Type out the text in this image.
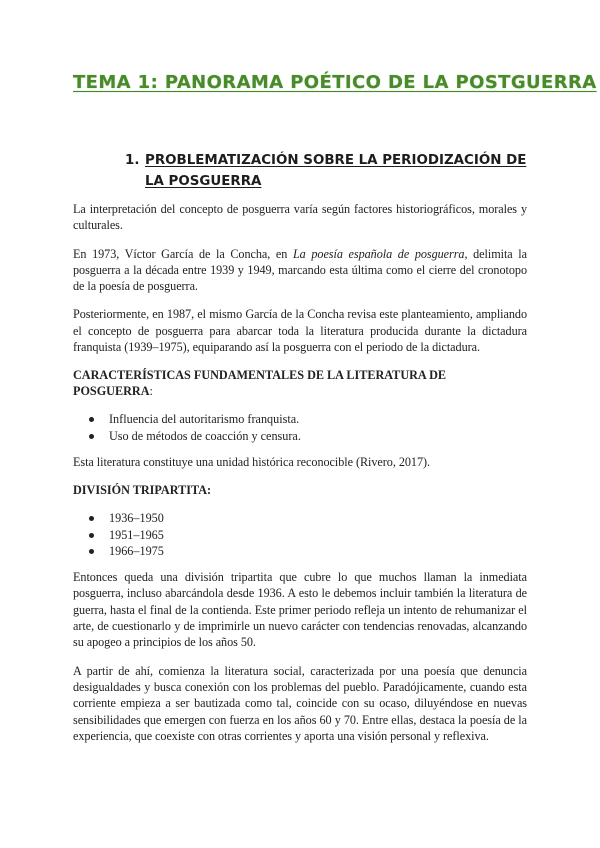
TEMA 1: PANORAMA POÉTICO DE LA POSTGUERRA
1. PROBLEMATIZACIÓN SOBRE LA PERIODIZACIÓN DE LA POSGUERRA

La interpretación del concepto de posguerra varía según factores historiográficos, morales y culturales.

En 1973, Víctor García de la Concha, en La poesía española de posguerra, delimita la posguerra a la década entre 1939 y 1949, marcando esta última como el cierre del cronotopo de la poesía de posguerra.

Posteriormente, en 1987, el mismo García de la Concha revisa este planteamiento, ampliando el concepto de posguerra para abarcar toda la literatura producida durante la dictadura franquista (1939–1975), equiparando así la posguerra con el periodo de la dictadura.

CARACTERÍSTICAS FUNDAMENTALES DE LA LITERATURA DE POSGUERRA:
Influencia del autoritarismo franquista.
Uso de métodos de coacción y censura.

Esta literatura constituye una unidad histórica reconocible (Rivero, 2017).

DIVISIÓN TRIPARTITA:
1936–1950
1951–1965
1966–1975

Entonces queda una división tripartita que cubre lo que muchos llaman la inmediata posguerra, incluso abarcándola desde 1936. A esto le debemos incluir también la literatura de guerra, hasta el final de la contienda. Este primer periodo refleja un intento de rehumanizar el arte, de cuestionarlo y de imprimirle un nuevo carácter con tendencias renovadas, alcanzando su apogeo a principios de los años 50.

A partir de ahí, comienza la literatura social, caracterizada por una poesía que denuncia desigualdades y busca conexión con los problemas del pueblo. Paradójicamente, cuando esta corriente empieza a ser bautizada como tal, coincide con su ocaso, diluyéndose en nuevas sensibilidades que emergen con fuerza en los años 60 y 70. Entre ellas, destaca la poesía de la experiencia, que coexiste con otras corrientes y aporta una visión personal y reflexiva.
